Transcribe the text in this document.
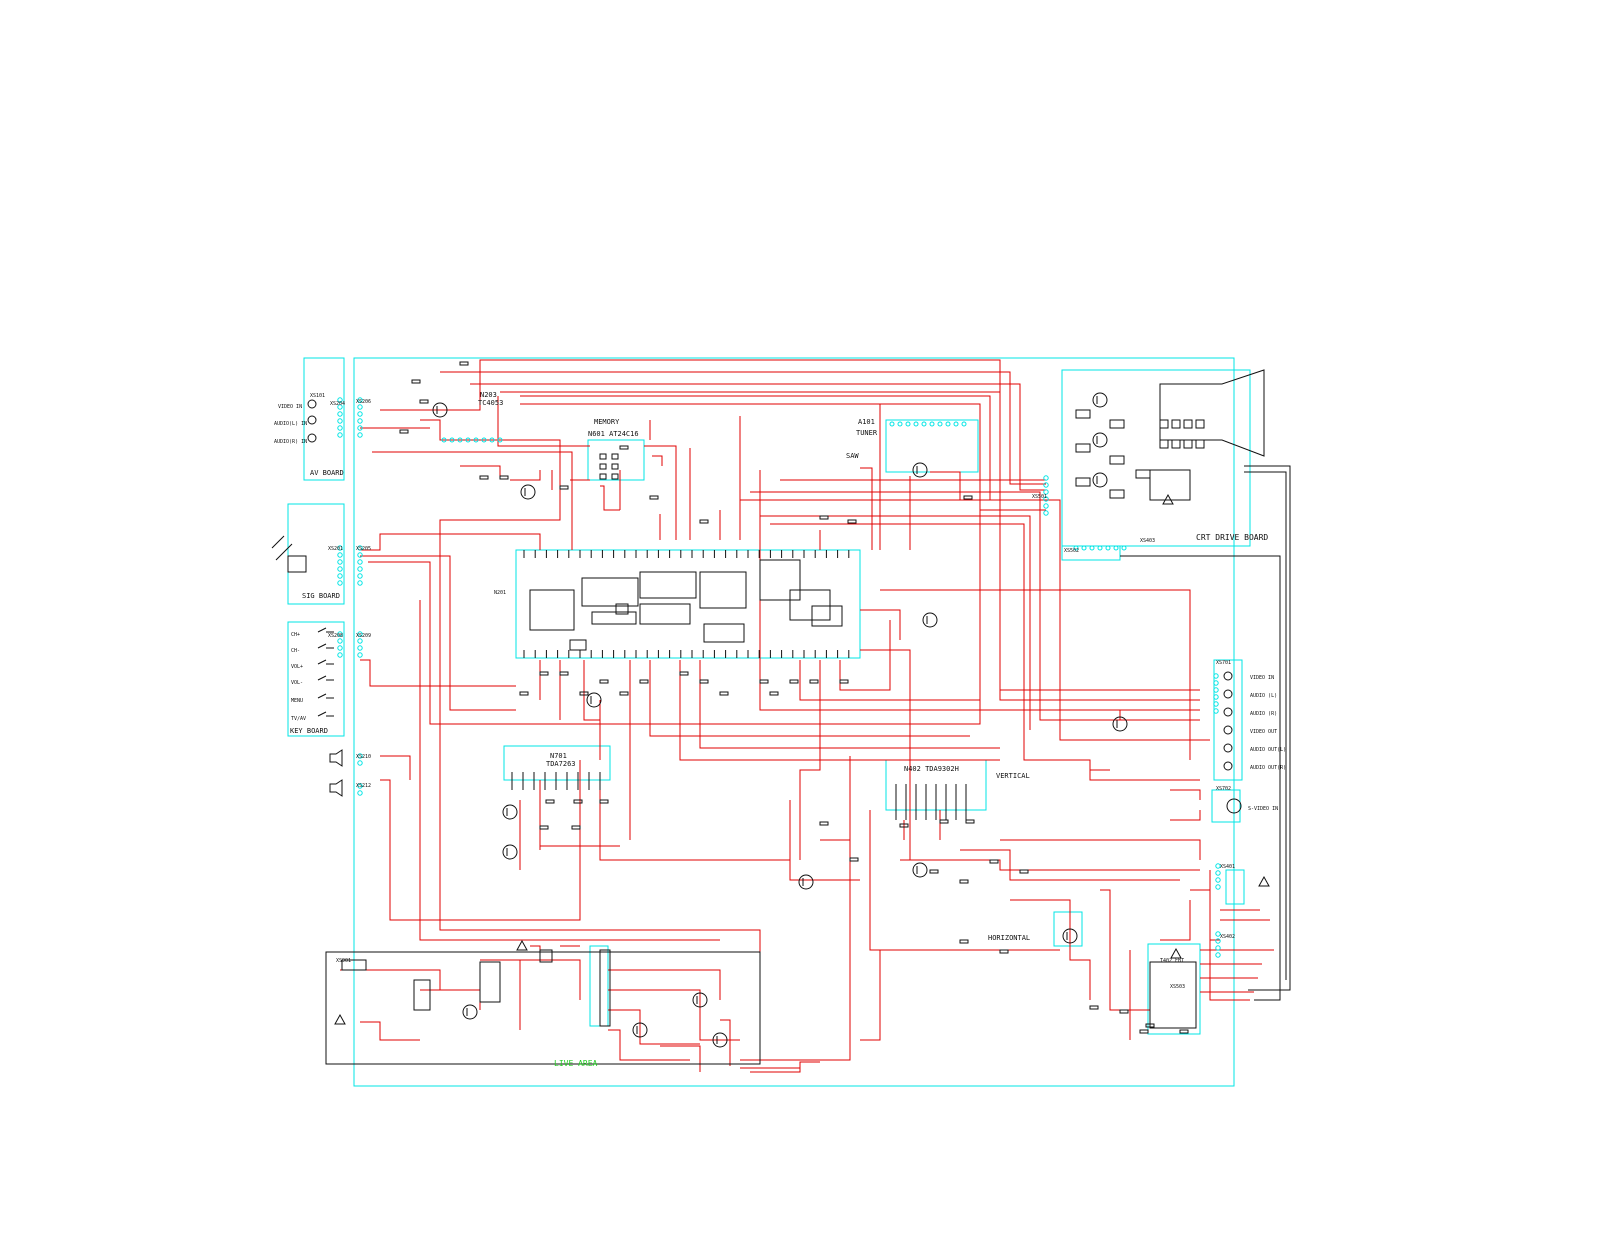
AV BOARD
SIG BOARD
KEY BOARD
CRT DRIVE BOARD
VIDEO IN
AUDIO(L) IN
AUDIO(R) IN
CH+
CH-
VOL+
VOL-
MENU
TV/AV
N203
TC4053
MEMORY
N601 AT24C16
A101
TUNER
SAW
N201
N701
TDA7263
N402 TDA9302H
VERTICAL
HORIZONTAL
T402 FBT
LIVE AREA
S-VIDEO IN
XS101
XS204 XS206
XS201	XS205
XS208	XS209
XS210
XS212
XS701
XS702
XS501
XS502
XS401
XS402
XS403
XS503
XS901
VIDEO IN
AUDIO (L)
AUDIO (R)
VIDEO OUT
AUDIO OUT(L)
AUDIO OUT(R)
